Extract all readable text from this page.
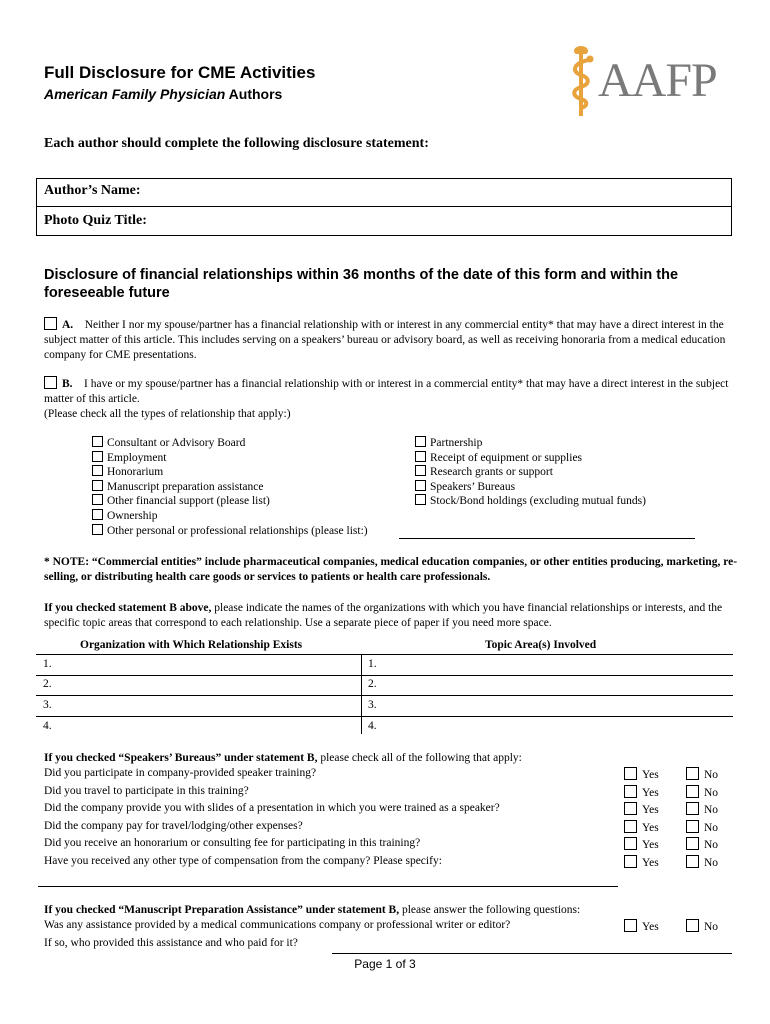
Full Disclosure for CME Activities
American Family Physician Authors	AAFP
Each author should complete the following disclosure statement:
Author’s Name:
Photo Quiz Title:
Disclosure of financial relationships within 36 months of the date of this form and within the foreseeable future
A. Neither I nor my spouse/partner has a financial relationship with or interest in any commercial entity* that may have a direct interest in the subject matter of this article. This includes serving on a speakers’ bureau or advisory board, as well as receiving honoraria from a medical education company for CME presentations.
B. I have or my spouse/partner has a financial relationship with or interest in a commercial entity* that may have a direct interest in the subject matter of this article.
(Please check all the types of relationship that apply:)
Consultant or Advisory Board
Employment
Honorarium
Manuscript preparation assistance
Other financial support (please list)
Ownership
Other personal or professional relationships (please list:)
Partnership
Receipt of equipment or supplies
Research grants or support
Speakers’ Bureaus
Stock/Bond holdings (excluding mutual funds)
* NOTE: “Commercial entities” include pharmaceutical companies, medical education companies, or other entities producing, marketing, re-selling, or distributing health care goods or services to patients or health care professionals.
If you checked statement B above, please indicate the names of the organizations with which you have financial relationships or interests, and the specific topic areas that correspond to each relationship. Use a separate piece of paper if you need more space.
Organization with Which Relationship Exists	Topic Area(s) Involved
1.	1.
2.	2.
3.	3.
4.	4.
If you checked “Speakers’ Bureaus” under statement B, please check all of the following that apply:
Did you participate in company-provided speaker training?	Yes	No
Did you travel to participate in this training?	Yes	No
Did the company provide you with slides of a presentation in which you were trained as a speaker?	Yes	No
Did the company pay for travel/lodging/other expenses?	Yes	No
Did you receive an honorarium or consulting fee for participating in this training?	Yes	No
Have you received any other type of compensation from the company? Please specify:	Yes	No
If you checked “Manuscript Preparation Assistance” under statement B, please answer the following questions:
Was any assistance provided by a medical communications company or professional writer or editor?	Yes	No
If so, who provided this assistance and who paid for it?
Page 1 of 3
